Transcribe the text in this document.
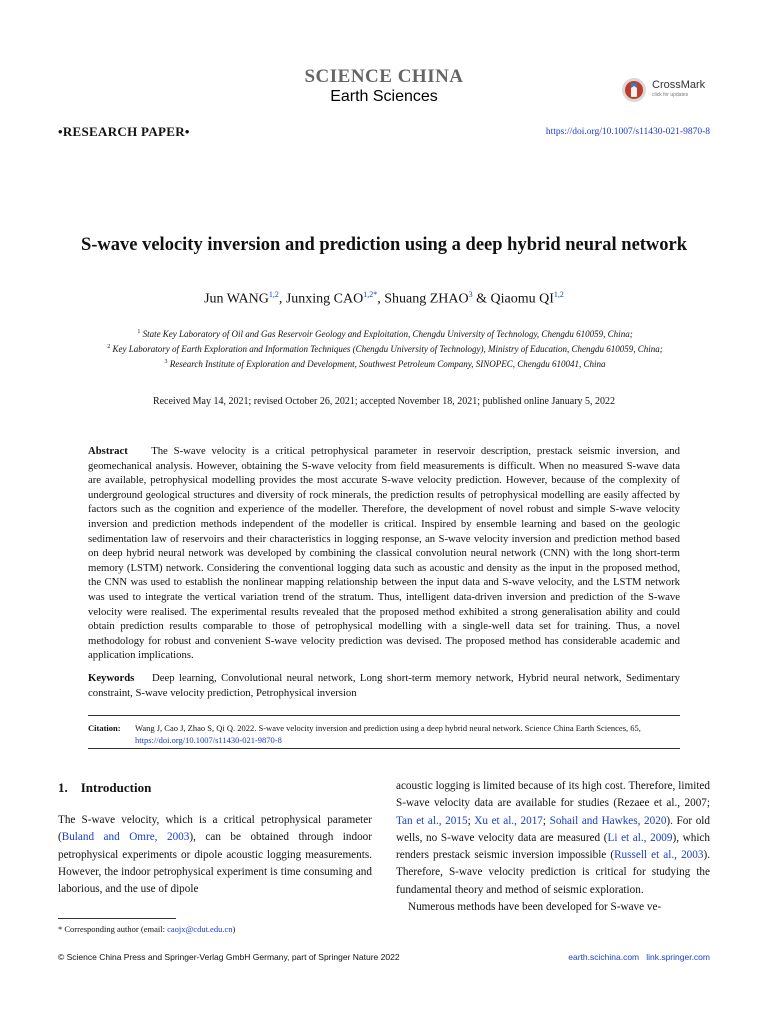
SCIENCE CHINA
Earth Sciences
CrossMark
click for updates
•RESEARCH PAPER•	https://doi.org/10.1007/s11430-021-9870-8
S-wave velocity inversion and prediction using a deep hybrid neural network
Jun WANG$^{1,2}$, Junxing $CAO^{1,2*}$, Shuang ZHAO$^3$ & Qiaomu QI$^{1,2}$
$^1$ State Key Laboratory of Oil and Gas Reservoir Geology and Exploitation, Chengdu University of Technology, Chengdu 610059, China;
$^2$ Key Laboratory of Earth Exploration and Information Techniques (Chengdu University of Technology), Ministry of Education, Chengdu 610059, China;
$^3$ Research Institute of Exploration and Development, Southwest Petroleum Company, SINOPEC, Chengdu 610041, China
Received May 14, 2021; revised October 26, 2021; accepted November 18, 2021; published online January 5, 2022
Abstract The S-wave velocity is a critical petrophysical parameter in reservoir description, prestack seismic inversion, and geomechanical analysis. However, obtaining the S-wave velocity from field measurements is difficult. When no measured S-wave data are available, petrophysical modelling provides the most accurate S-wave velocity prediction. However, because of the complexity of underground geological structures and diversity of rock minerals, the prediction results of petrophysical modelling are easily affected by factors such as the cognition and experience of the modeller. Therefore, the development of novel robust and simple S-wave velocity inversion and prediction methods independent of the modeller is critical. Inspired by ensemble learning and based on the geologic sedimentation law of reservoirs and their characteristics in logging response, an S-wave velocity inversion and prediction method based on deep hybrid neural network was developed by combining the classical convolution neural network (CNN) with the long short-term memory (LSTM) network. Considering the conventional logging data such as acoustic and density as the input in the proposed method, the CNN was used to establish the nonlinear mapping relationship between the input data and S-wave velocity, and the LSTM network was used to integrate the vertical variation trend of the stratum. Thus, intelligent data-driven inversion and prediction of the S-wave velocity were realised. The experimental results revealed that the proposed method exhibited a strong generalisation ability and could obtain prediction results comparable to those of petrophysical modelling with a single-well data set for training. Thus, a novel methodology for robust and convenient S-wave velocity prediction was devised. The proposed method has considerable academic and application implications.
Keywords Deep learning, Convolutional neural network, Long short-term memory network, Hybrid neural network, Sedimentary constraint, S-wave velocity prediction, Petrophysical inversion
Citation: Wang J, Cao J, Zhao S, Qi Q. 2022. S-wave velocity inversion and prediction using a deep hybrid neural network. Science China Earth Sciences, 65,
https://doi.org/10.1007/s11430-021-9870-8
1.    Introduction
The S-wave velocity, which is a critical petrophysical parameter (Buland and Omre, 2003), can be obtained through indoor petrophysical experiments or dipole acoustic logging measurements. However, the indoor petrophysical experiment is time consuming and laborious, and the use of dipole
acoustic logging is limited because of its high cost. Therefore, limited S-wave velocity data are available for studies (Rezaee et al., 2007; Tan et al., 2015; Xu et al., 2017; Sohail and Hawkes, 2020). For old wells, no S-wave velocity data are measured (Li et al., 2009), which renders prestack seismic inversion impossible (Russell et al., 2003). Therefore, S-wave velocity prediction is critical for studying the fundamental theory and method of seismic exploration.
Numerous methods have been developed for S-wave ve-
* Corresponding author (email: caojx@cdut.edu.cn)
© Science China Press and Springer-Verlag GmbH Germany, part of Springer Nature 2022	earth.scichina.com   link.springer.com
